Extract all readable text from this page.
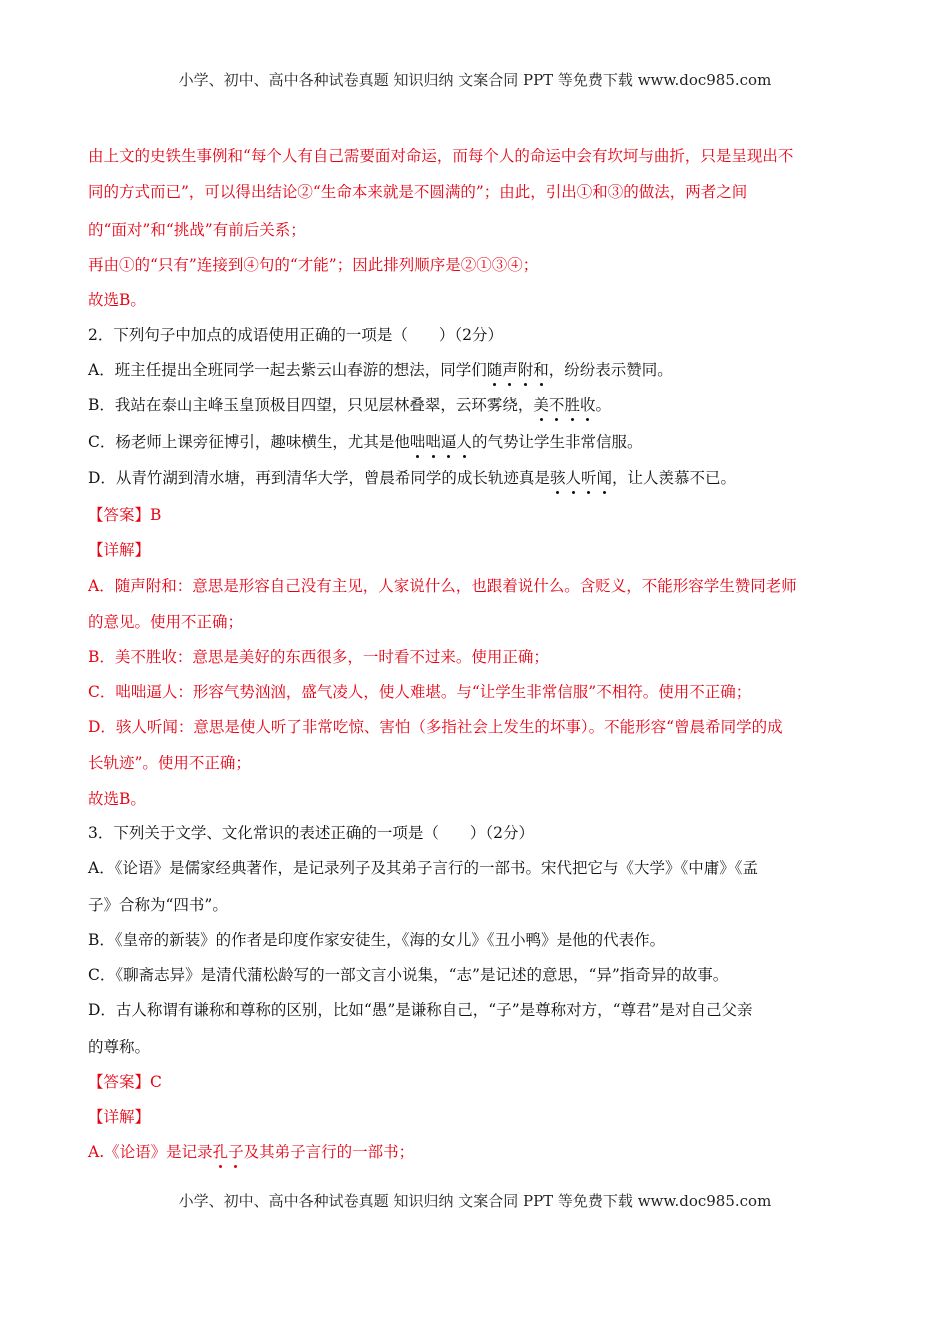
小学、初中、高中各种试卷真题 知识归纳 文案合同 PPT 等免费下载 www.doc985.com
由上文的史铁生事例和“每个人有自己需要面对命运，而每个人的命运中会有坎坷与曲折，只是呈现出不
同的方式而已”，可以得出结论②“生命本来就是不圆满的”；由此，引出①和③的做法，两者之间
的“面对”和“挑战”有前后关系；
再由①的“只有”连接到④句的“才能”；因此排列顺序是②①③④；
故选B。
2．下列句子中加点的成语使用正确的一项是（　　）（2分）
A．班主任提出全班同学一起去紫云山春游的想法，同学们随声附和，纷纷表示赞同。
B．我站在泰山主峰玉皇顶极目四望，只见层林叠翠，云环雾绕，美不胜收。
C．杨老师上课旁征博引，趣味横生，尤其是他咄咄逼人的气势让学生非常信服。
D．从青竹湖到清水塘，再到清华大学，曾晨希同学的成长轨迹真是骇人听闻，让人羡慕不已。
【答案】B
【详解】
A．随声附和：意思是形容自己没有主见，人家说什么，也跟着说什么。含贬义，不能形容学生赞同老师
的意见。使用不正确；
B．美不胜收：意思是美好的东西很多，一时看不过来。使用正确；
C．咄咄逼人：形容气势汹汹，盛气凌人，使人难堪。与“让学生非常信服”不相符。使用不正确；
D．骇人听闻：意思是使人听了非常吃惊、害怕（多指社会上发生的坏事）。不能形容“曾晨希同学的成
长轨迹”。使用不正确；
故选B。
3．下列关于文学、文化常识的表述正确的一项是（　　）（2分）
A．《论语》是儒家经典著作，是记录列子及其弟子言行的一部书。宋代把它与《大学》《中庸》《孟
子》合称为“四书”。
B．《皇帝的新装》的作者是印度作家安徒生，《海的女儿》《丑小鸭》是他的代表作。
C．《聊斋志异》是清代蒲松龄写的一部文言小说集，“志”是记述的意思，“异”指奇异的故事。
D．古人称谓有谦称和尊称的区别，比如“愚”是谦称自己，“子”是尊称对方，“尊君”是对自己父亲
的尊称。
【答案】C
【详解】
A.《论语》是记录孔子及其弟子言行的一部书；
小学、初中、高中各种试卷真题 知识归纳 文案合同 PPT 等免费下载 www.doc985.com
